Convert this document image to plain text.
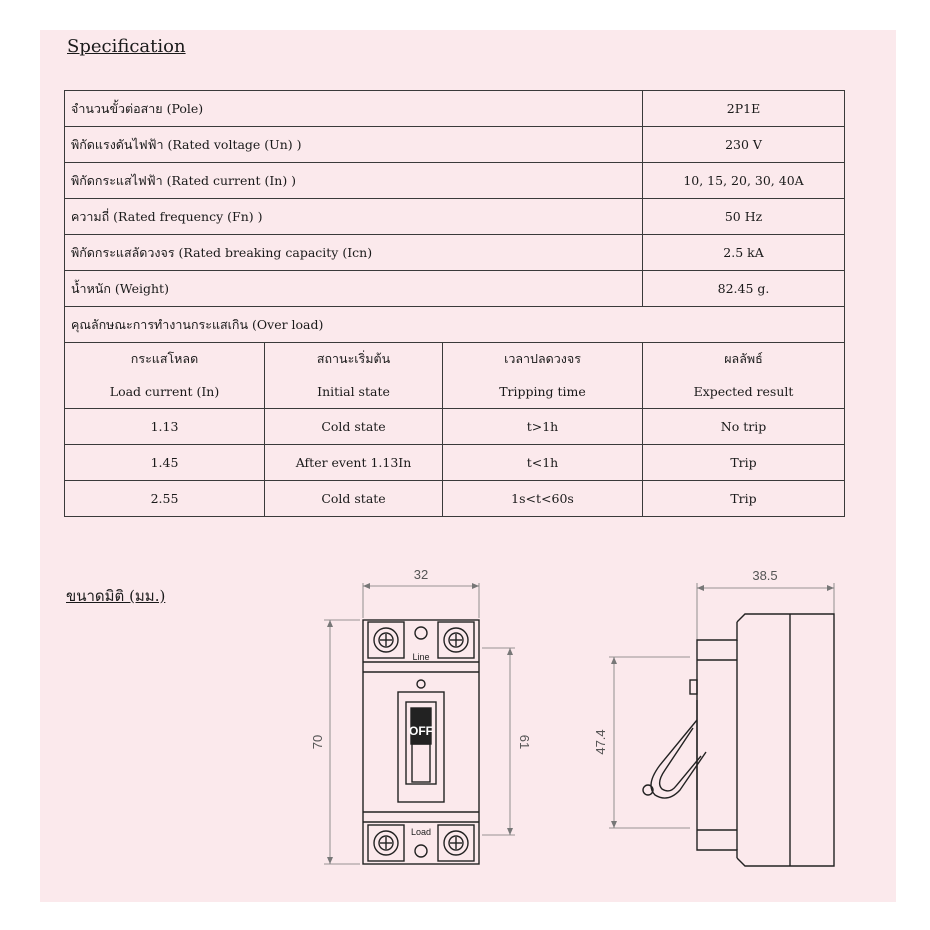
Specification
จำนวนขั้วต่อสาย (Pole)			2P1E
พิกัดแรงดันไฟฟ้า (Rated voltage (Un) )			230 V
พิกัดกระแสไฟฟ้า (Rated current (In) )			10, 15, 20, 30, 40A
ความถี่ (Rated frequency (Fn) )			50 Hz
พิกัดกระแสลัดวงจร (Rated breaking capacity (Icn)			2.5 kA
น้ำหนัก (Weight)			82.45 g.
คุณลักษณะการทำงานกระแสเกิน (Over load)			
กระแสโหลด	สถานะเริ่มต้น	เวลาปลดวงจร	ผลลัพธ์
Load current (In)	Initial state	Tripping time	Expected result
1.13	Cold state	t>1h	No trip
1.45	After event 1.13In	t<1h	Trip
2.55	Cold state	1s<t<60s	Trip
ขนาดมิติ (มม.)
32
70	61
Line
Load
OFF
38.5
47.4
